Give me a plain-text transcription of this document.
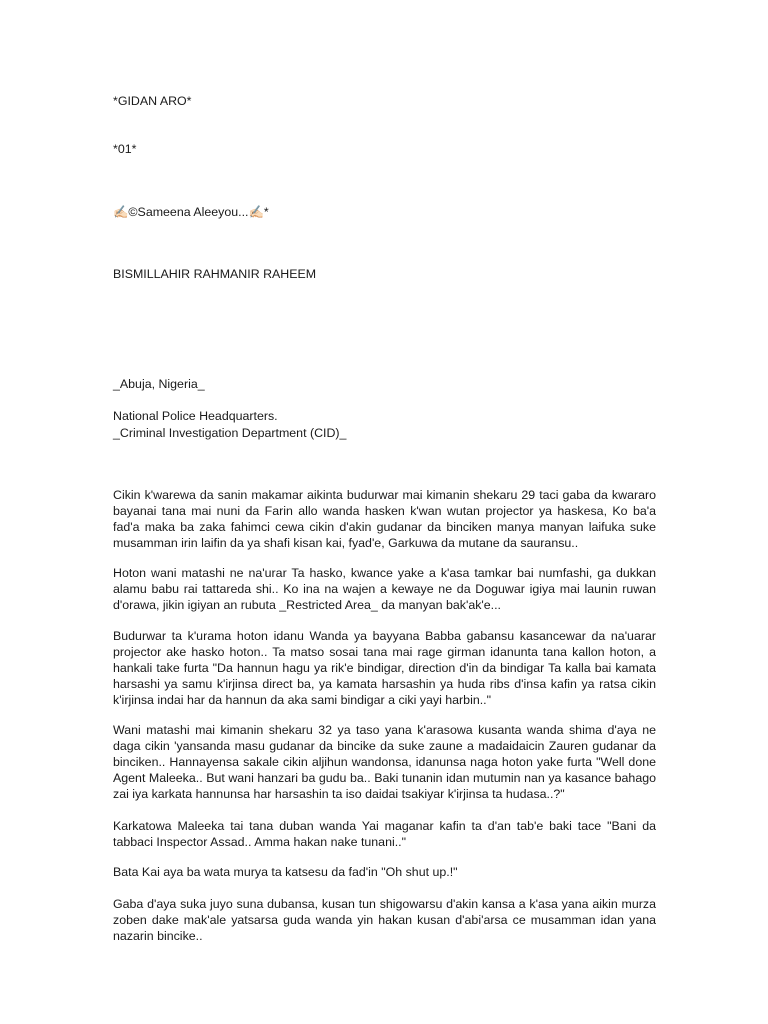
*GIDAN ARO*
*01*
✍🏻©Sameena Aleeyou...✍🏻*
BISMILLAHIR RAHMANIR RAHEEM
_Abuja, Nigeria_
National Police Headquarters.
_Criminal Investigation Department (CID)_

Cikin k'warewa da sanin makamar aikinta budurwar mai kimanin shekaru 29 taci gaba da kwararo bayanai tana mai nuni da Farin allo wanda hasken k'wan wutan projector ya haskesa, Ko ba'a fad'a maka ba zaka fahimci cewa cikin d'akin gudanar da binciken manya manyan laifuka suke musamman irin laifin da ya shafi kisan kai, fyad'e, Garkuwa da mutane da sauransu..

Hoton wani matashi ne na'urar Ta hasko, kwance yake a k'asa tamkar bai numfashi, ga dukkan alamu babu rai tattareda shi.. Ko ina na wajen a kewaye ne da Doguwar igiya mai launin ruwan d'orawa, jikin igiyan an rubuta _Restricted Area_ da manyan bak'ak'e...

Budurwar ta k'urama hoton idanu Wanda ya bayyana Babba gabansu kasancewar da na'uarar projector ake hasko hoton.. Ta matso sosai tana mai rage girman idanunta tana kallon hoton, a hankali take furta "Da hannun hagu ya rik'e bindigar, direction d'in da bindigar Ta kalla bai kamata harsashi ya samu k'irjinsa direct ba, ya kamata harsashin ya huda ribs d'insa kafin ya ratsa cikin k'irjinsa indai har da hannun da aka sami bindigar a ciki yayi harbin.."

Wani matashi mai kimanin shekaru 32 ya taso yana k'arasowa kusanta wanda shima d'aya ne daga cikin 'yansanda masu gudanar da bincike da suke zaune a madaidaicin Zauren gudanar da binciken.. Hannayensa sakale cikin aljihun wandonsa, idanunsa naga hoton yake furta "Well done Agent Maleeka.. But wani hanzari ba gudu ba.. Baki tunanin idan mutumin nan ya kasance bahago zai iya karkata hannunsa har harsashin ta iso daidai tsakiyar k'irjinsa ta hudasa..?"

Karkatowa Maleeka tai tana duban wanda Yai maganar kafin ta d'an tab'e baki tace "Bani da tabbaci Inspector Assad.. Amma hakan nake tunani.."

Bata Kai aya ba wata murya ta katsesu da fad'in "Oh shut up.!"

Gaba d'aya suka juyo suna dubansa, kusan tun shigowarsu d'akin kansa a k'asa yana aikin murza zoben dake mak'ale yatsarsa guda wanda yin hakan kusan d'abi'arsa ce musamman idan yana nazarin bincike..
